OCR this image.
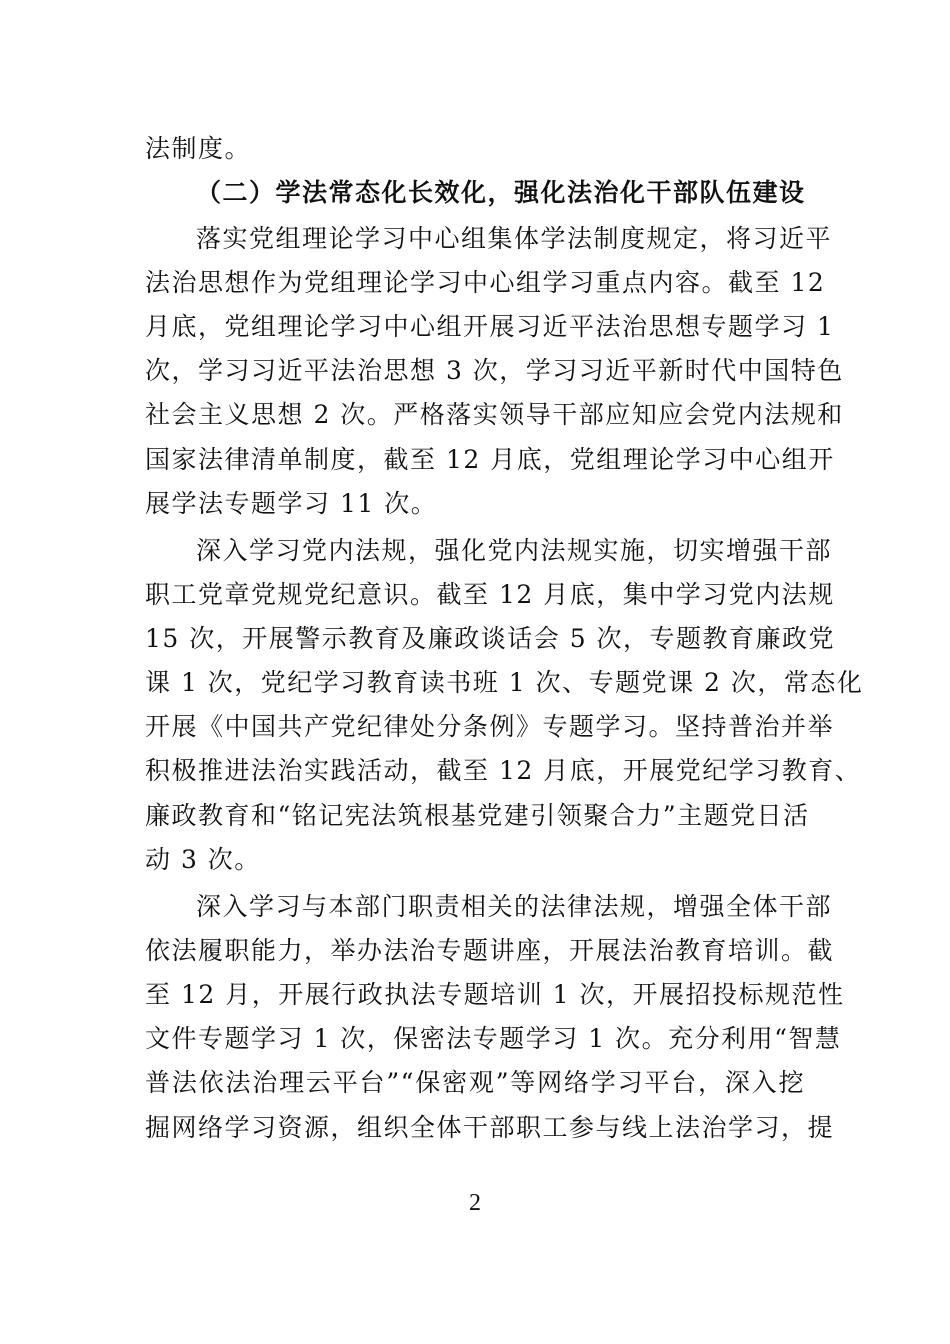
法制度。
（二）学法常态化长效化，强化法治化干部队伍建设
落实党组理论学习中心组集体学法制度规定，将习近平
法治思想作为党组理论学习中心组学习重点内容。截至 12
月底，党组理论学习中心组开展习近平法治思想专题学习 1
次，学习习近平法治思想 3 次，学习习近平新时代中国特色
社会主义思想 2 次。严格落实领导干部应知应会党内法规和
国家法律清单制度，截至 12 月底，党组理论学习中心组开
展学法专题学习 11 次。
深入学习党内法规，强化党内法规实施，切实增强干部
职工党章党规党纪意识。截至 12 月底，集中学习党内法规
15 次，开展警示教育及廉政谈话会 5 次，专题教育廉政党
课 1 次，党纪学习教育读书班 1 次、专题党课 2 次，常态化
开展《中国共产党纪律处分条例》专题学习。坚持普治并举
积极推进法治实践活动，截至 12 月底，开展党纪学习教育、
廉政教育和“铭记宪法筑根基党建引领聚合力”主题党日活
动 3 次。
深入学习与本部门职责相关的法律法规，增强全体干部
依法履职能力，举办法治专题讲座，开展法治教育培训。截
至 12 月，开展行政执法专题培训 1 次，开展招投标规范性
文件专题学习 1 次，保密法专题学习 1 次。充分利用“智慧
普法依法治理云平台”“保密观”等网络学习平台，深入挖
掘网络学习资源，组织全体干部职工参与线上法治学习，提
2
